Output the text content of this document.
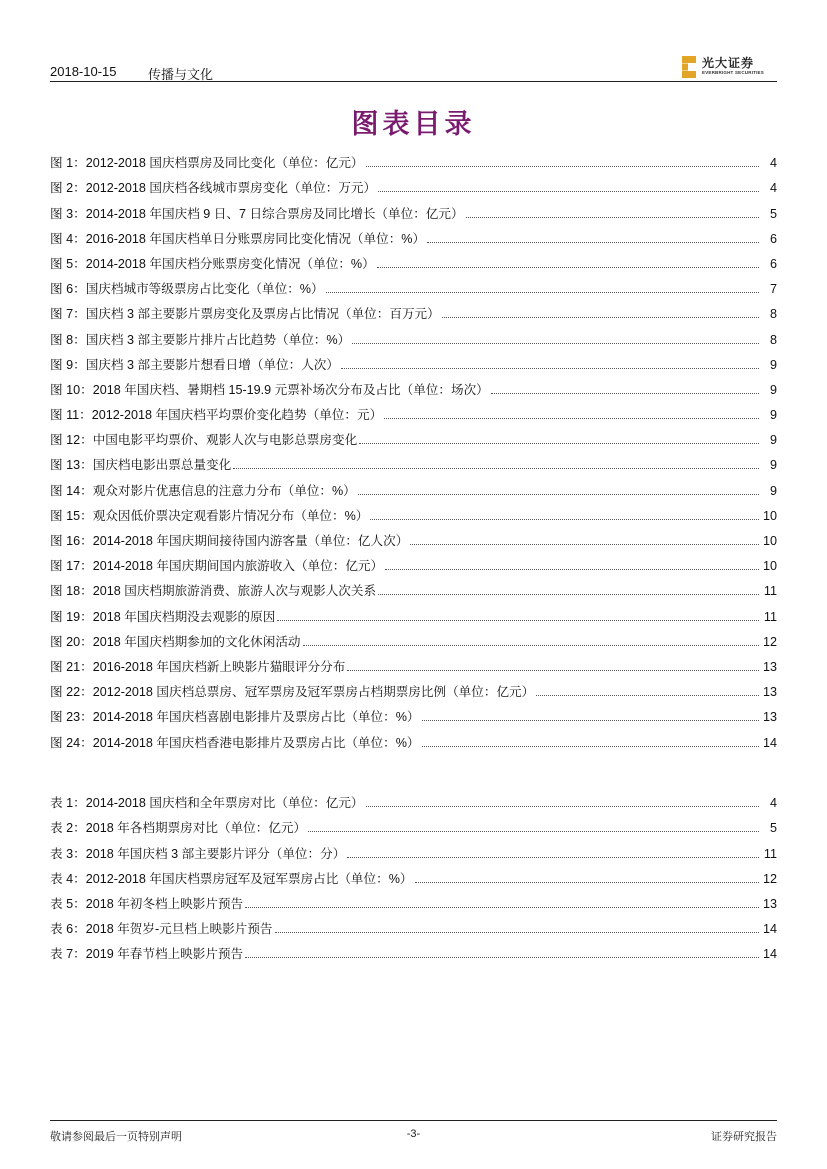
2018-10-15 传播与文化
光大证券
EVERBRIGHT SECURITIES
图表目录
图 1：2012-2018 国庆档票房及同比变化（单位：亿元）	4
图 2：2012-2018 国庆档各线城市票房变化（单位：万元）	4
图 3：2014-2018 年国庆档 9 日、7 日综合票房及同比增长（单位：亿元）	5
图 4：2016-2018 年国庆档单日分账票房同比变化情况（单位：%）	6
图 5：2014-2018 年国庆档分账票房变化情况（单位：%）	6
图 6：国庆档城市等级票房占比变化（单位：%）	7
图 7：国庆档 3 部主要影片票房变化及票房占比情况（单位：百万元）	8
图 8：国庆档 3 部主要影片排片占比趋势（单位：%）	8
图 9：国庆档 3 部主要影片想看日增（单位：人次）	9
图 10：2018 年国庆档、暑期档 15-19.9 元票补场次分布及占比（单位：场次）	9
图 11：2012-2018 年国庆档平均票价变化趋势（单位：元）	9
图 12：中国电影平均票价、观影人次与电影总票房变化	9
图 13：国庆档电影出票总量变化	9
图 14：观众对影片优惠信息的注意力分布（单位：%）	9
图 15：观众因低价票决定观看影片情况分布（单位：%）	10
图 16：2014-2018 年国庆期间接待国内游客量（单位：亿人次）	10
图 17：2014-2018 年国庆期间国内旅游收入（单位：亿元）	10
图 18：2018 国庆档期旅游消费、旅游人次与观影人次关系	11
图 19：2018 年国庆档期没去观影的原因	11
图 20：2018 年国庆档期参加的文化休闲活动	12
图 21：2016-2018 年国庆档新上映影片猫眼评分分布	13
图 22：2012-2018 国庆档总票房、冠军票房及冠军票房占档期票房比例（单位：亿元）	13
图 23：2014-2018 年国庆档喜剧电影排片及票房占比（单位：%）	13
图 24：2014-2018 年国庆档香港电影排片及票房占比（单位：%）	14
表 1：2014-2018 国庆档和全年票房对比（单位：亿元）	4
表 2：2018 年各档期票房对比（单位：亿元）	5
表 3：2018 年国庆档 3 部主要影片评分（单位：分）	11
表 4：2012-2018 年国庆档票房冠军及冠军票房占比（单位：%）	12
表 5：2018 年初冬档上映影片预告	13
表 6：2018 年贺岁-元旦档上映影片预告	14
表 7：2019 年春节档上映影片预告	14
敬请参阅最后一页特别声明	-3-	证券研究报告
